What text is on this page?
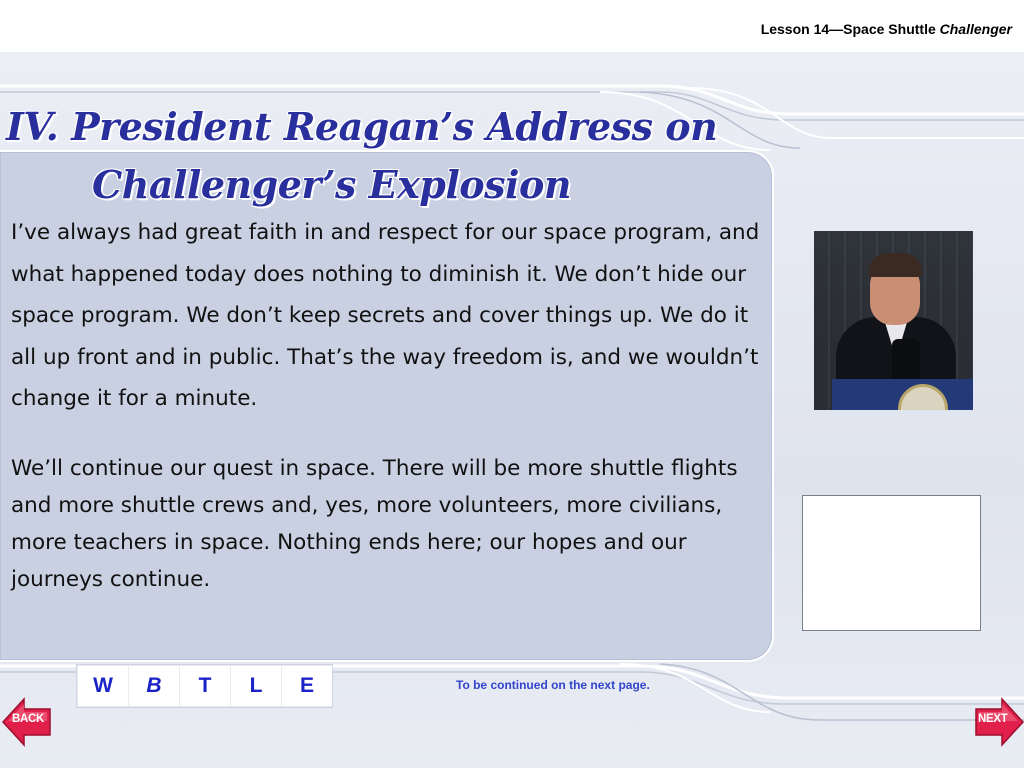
Lesson 14—Space Shuttle Challenger
IV. President Reagan’s Address on
Challenger’s Explosion

I’ve always had great faith in and respect for our space program, and what happened today does nothing to diminish it. We don’t hide our space program. We don’t keep secrets and cover things up. We do it all up front and in public. That’s the way freedom is, and we wouldn’t change it for a minute.

We’ll continue our quest in space. There will be more shuttle flights and more shuttle crews and, yes, more volunteers, more civilians, more teachers in space. Nothing ends here; our hopes and our journeys continue.

W	B	T	L	E	To be continued on the next page.
BACK	NEXT
